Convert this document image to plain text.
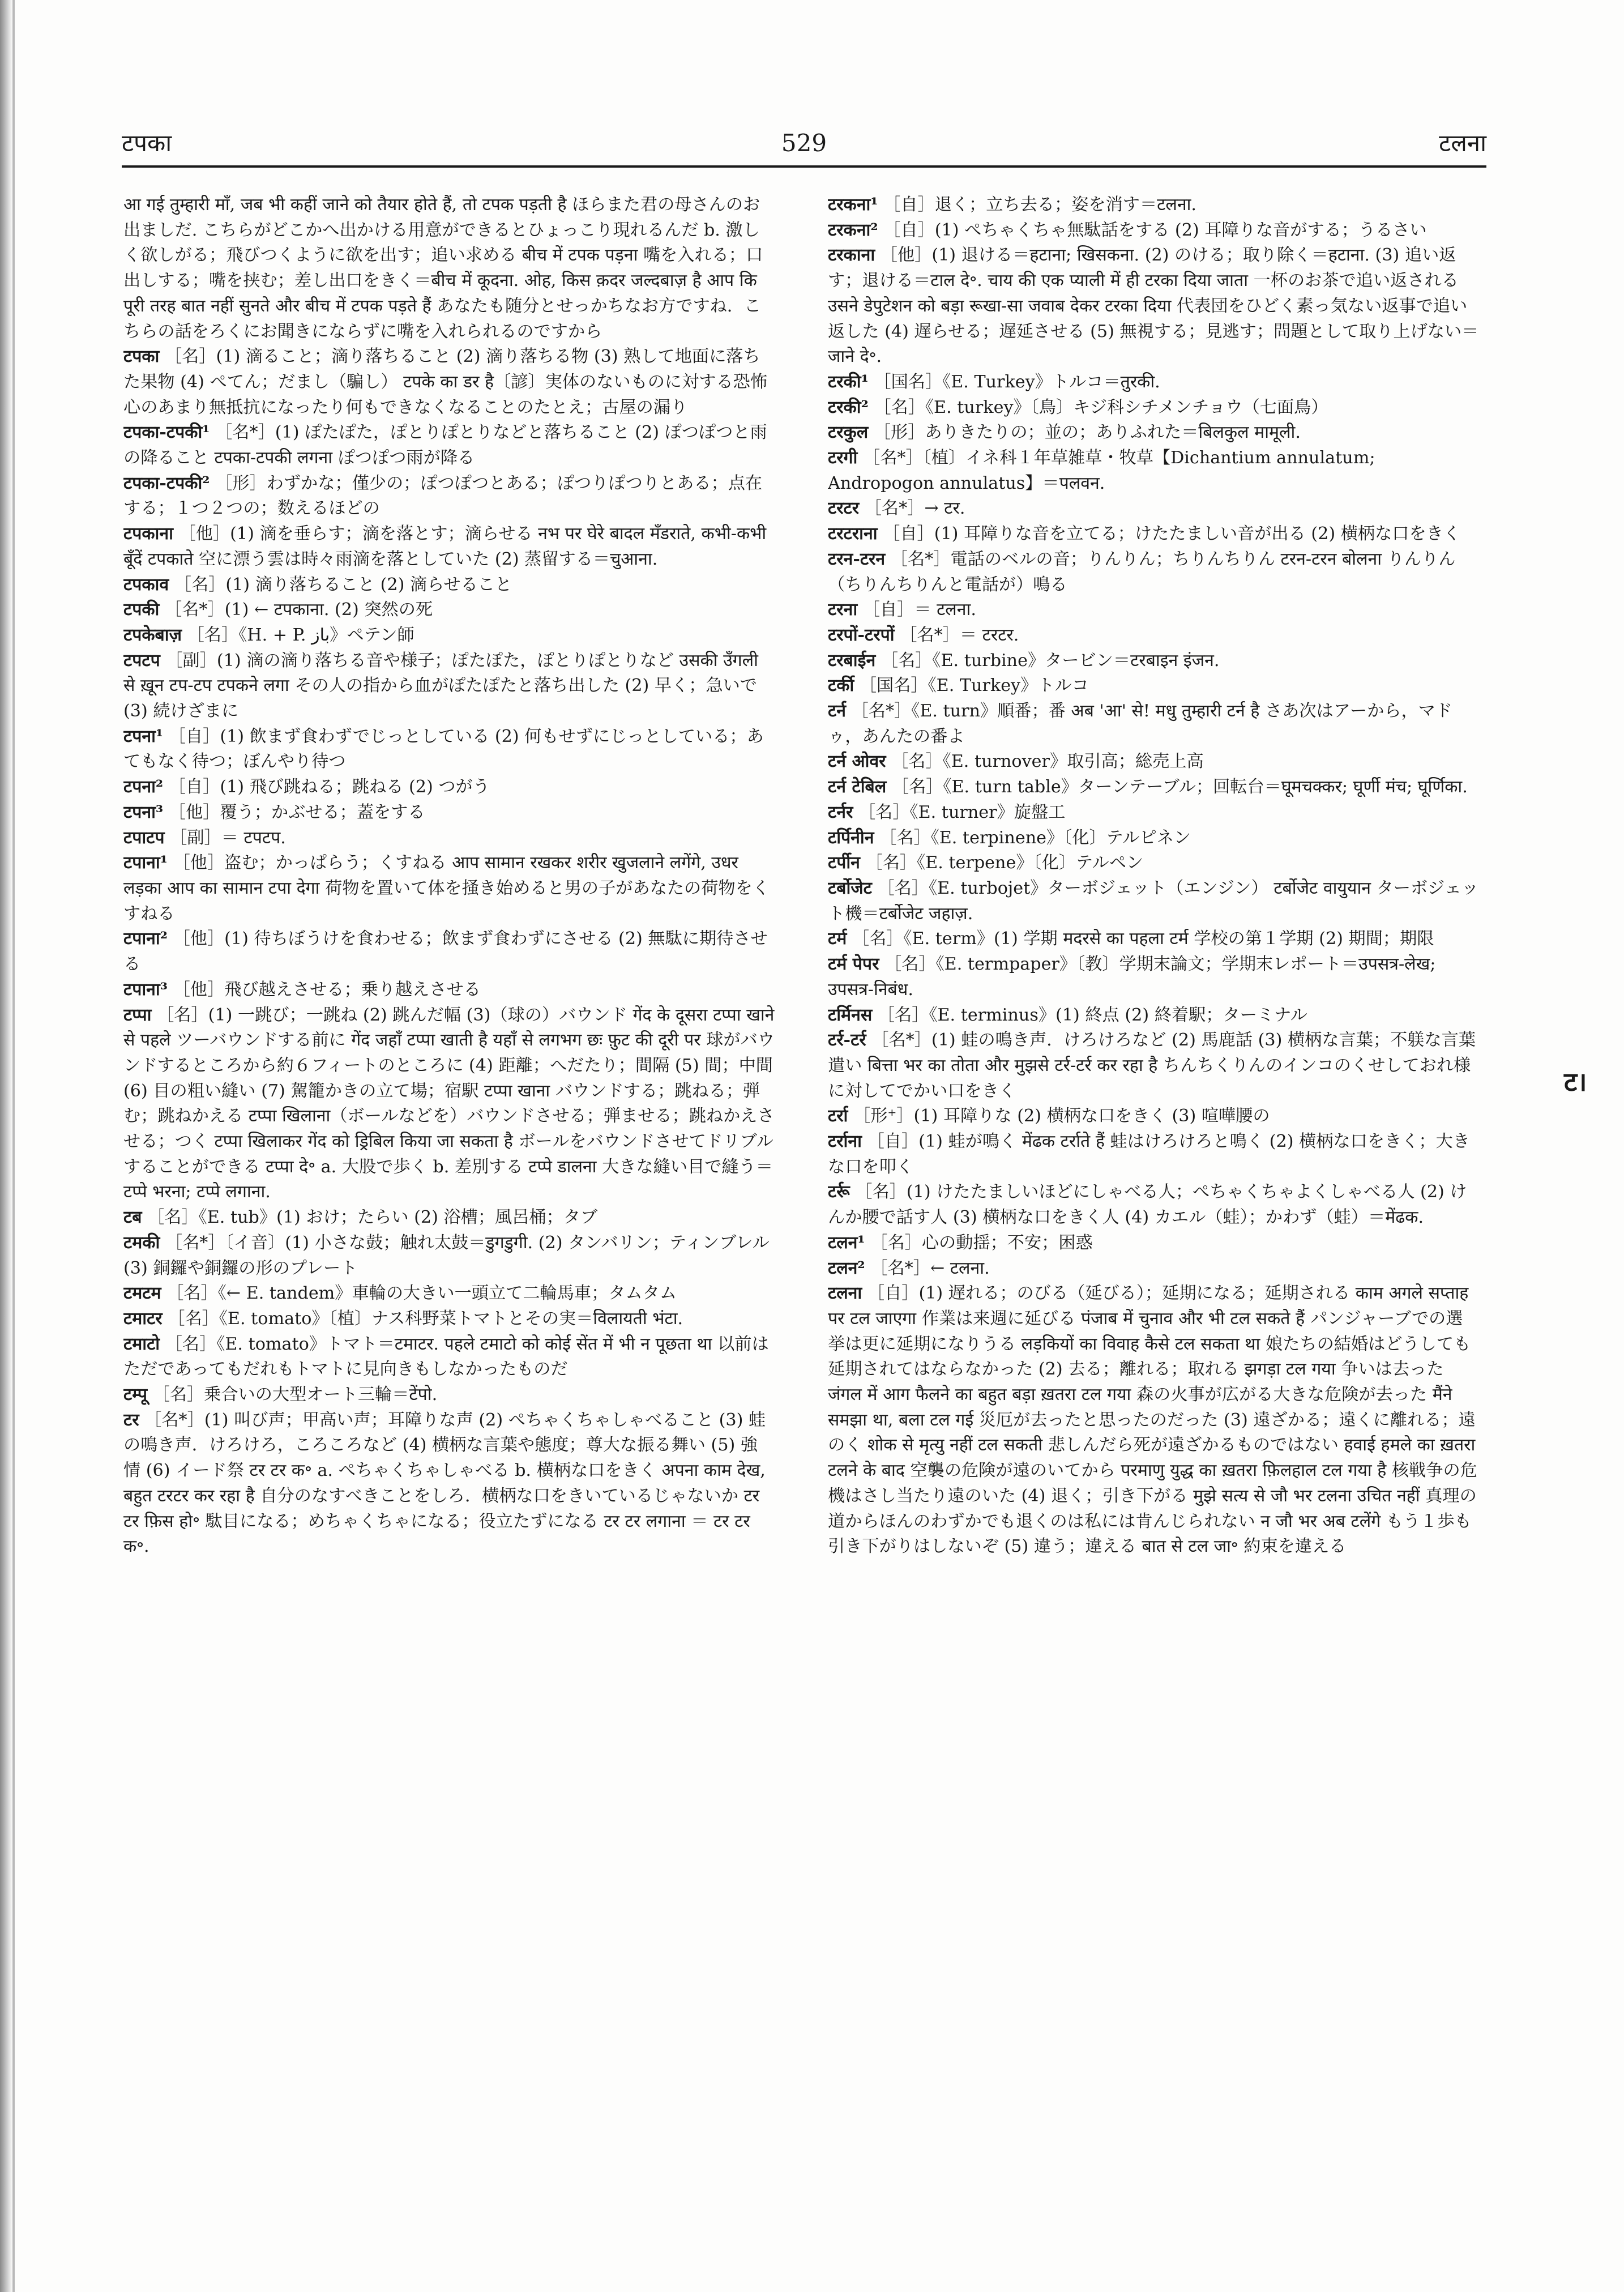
टपका	529	टलना

आ गई तुम्हारी माँ, जब भी कहीं जाने को तैयार होते हैं, तो टपक पड़ती है ほらまた君の母さんのお出ましだ. こちらがどこかへ出かける用意ができるとひょっこり現れるんだ b. 激しく欲しがる；飛びつくように欲を出す；追い求める बीच में टपक पड़ना 嘴を入れる；口出しする；嘴を挟む；差し出口をきく＝बीच में कूदना. ओह, किस क़दर जल्दबाज़ है आप कि पूरी तरह बात नहीं सुनते और बीच में टपक पड़ते हैं あなたも随分とせっかちなお方ですね．こちらの話をろくにお聞きにならずに嘴を入れられるのですから

टपका ［名］(1) 滴ること；滴り落ちること (2) 滴り落ちる物 (3) 熟して地面に落ちた果物 (4) ぺてん；だまし（騙し） टपके का डर है〔諺〕実体のないものに対する恐怖心のあまり無抵抗になったり何もできなくなることのたとえ；古屋の漏り

टपका-टपकी¹ ［名*］(1) ぽたぽた，ぽとりぽとりなどと落ちること (2) ぽつぽつと雨の降ること टपका-टपकी लगना ぽつぽつ雨が降る

टपका-टपकी² ［形］わずかな；僅少の；ぽつぽつとある；ぽつりぽつりとある；点在する；１つ２つの；数えるほどの

टपकाना ［他］(1) 滴を垂らす；滴を落とす；滴らせる नभ पर घेरे बादल मँडराते, कभी-कभी बूँदें टपकाते 空に漂う雲は時々雨滴を落としていた (2) 蒸留する＝चुआना.

टपकाव ［名］(1) 滴り落ちること (2) 滴らせること

टपकी ［名*］(1) ← टपकाना. (2) 突然の死

टपकेबाज़ ［名］《H. + P. باز》ペテン師

टपटप ［副］(1) 滴の滴り落ちる音や様子；ぽたぽた，ぽとりぽとりなど उसकी उँगली से ख़ून टप-टप टपकने लगा その人の指から血がぽたぽたと落ち出した (2) 早く；急いで (3) 続けざまに

टपना¹ ［自］(1) 飲まず食わずでじっとしている (2) 何もせずにじっとしている；あてもなく待つ；ぼんやり待つ

टपना² ［自］(1) 飛び跳ねる；跳ねる (2) つがう

टपना³ ［他］覆う；かぶせる；蓋をする

टपाटप ［副］＝ टपटप.

टपाना¹ ［他］盗む；かっぱらう；くすねる आप सामान रखकर शरीर खुजलाने लगेंगे, उधर लड़का आप का सामान टपा देगा 荷物を置いて体を掻き始めると男の子があなたの荷物をくすねる

टपाना² ［他］(1) 待ちぼうけを食わせる；飲まず食わずにさせる (2) 無駄に期待させる

टपाना³ ［他］飛び越えさせる；乗り越えさせる

टप्पा ［名］(1) 一跳び；一跳ね (2) 跳んだ幅 (3)（球の）バウンド गेंद के दूसरा टप्पा खाने से पहले ツーバウンドする前に गेंद जहाँ टप्पा खाती है यहाँ से लगभग छः फ़ुट की दूरी पर 球がバウンドするところから約６フィートのところに (4) 距離；へだたり；間隔 (5) 間；中間 (6) 目の粗い縫い (7) 駕籠かきの立て場；宿駅 टप्पा खाना バウンドする；跳ねる；弾む；跳ねかえる टप्पा खिलाना（ボールなどを）バウンドさせる；弾ませる；跳ねかえさせる；つく टप्पा खिलाकर गेंद को ड्रिबिल किया जा सकता है ボールをバウンドさせてドリブルすることができる टप्पा दे॰ a. 大股で歩く b. 差別する टप्पे डालना 大きな縫い目で縫う＝टप्पे भरना; टप्पे लगाना.

टब ［名］《E. tub》(1) おけ；たらい (2) 浴槽；風呂桶；タブ

टमकी ［名*］〔イ音〕(1) 小さな鼓；触れ太鼓＝डुगडुगी. (2) タンバリン；ティンブレル (3) 銅鑼や銅鑼の形のプレート

टमटम ［名］《← E. tandem》車輪の大きい一頭立て二輪馬車；タムタム

टमाटर ［名］《E. tomato》〔植〕ナス科野菜トマトとその実＝विलायती भंटा.

टमाटो ［名］《E. tomato》トマト＝टमाटर. पहले टमाटो को कोई सेंत में भी न पूछता था 以前はただであってもだれもトマトに見向きもしなかったものだ

टम्पू ［名］乗合いの大型オート三輪＝टेंपो.

टर ［名*］(1) 叫び声；甲高い声；耳障りな声 (2) ぺちゃくちゃしゃべること (3) 蛙の鳴き声．けろけろ，ころころなど (4) 横柄な言葉や態度；尊大な振る舞い (5) 強情 (6) イード祭 टर टर क॰ a. ぺちゃくちゃしゃべる b. 横柄な口をきく अपना काम देख, बहुत टरटर कर रहा है 自分のなすべきことをしろ．横柄な口をきいているじゃないか टर टर फ़िस हो॰ 駄目になる；めちゃくちゃになる；役立たずになる टर टर लगाना ＝ टर टर क॰.

टरकना¹ ［自］退く；立ち去る；姿を消す＝टलना.

टरकना² ［自］(1) ぺちゃくちゃ無駄話をする (2) 耳障りな音がする；うるさい

टरकाना ［他］(1) 退ける＝हटाना; खिसकना. (2) のける；取り除く＝हटाना. (3) 追い返す；退ける＝टाल दे॰. चाय की एक प्याली में ही टरका दिया जाता 一杯のお茶で追い返される उसने डेपुटेशन को बड़ा रूखा-सा जवाब देकर टरका दिया 代表団をひどく素っ気ない返事で追い返した (4) 遅らせる；遅延させる (5) 無視する；見逃す；問題として取り上げない＝जाने दे॰.

टरकी¹ ［国名］《E. Turkey》トルコ＝तुरकी.

टरकी² ［名］《E. turkey》〔鳥〕キジ科シチメンチョウ（七面鳥）

टरकुल ［形］ありきたりの；並の；ありふれた＝बिलकुल मामूली.

टरगी ［名*］〔植〕イネ科１年草雑草・牧草【Dichantium annulatum; Andropogon annulatus】＝पलवन.

टरटर ［名*］→ टर.

टरटराना ［自］(1) 耳障りな音を立てる；けたたましい音が出る (2) 横柄な口をきく

टरन-टरन ［名*］電話のベルの音；りんりん；ちりんちりん टरन-टरन बोलना りんりん（ちりんちりんと電話が）鳴る

टरना ［自］＝ टलना.

टरपों-टरपों ［名*］＝ टरटर.

टरबाईन ［名］《E. turbine》タービン＝टरबाइन इंजन.

टर्की ［国名］《E. Turkey》トルコ

टर्न ［名*］《E. turn》順番；番 अब 'आ' से! मधु तुम्हारी टर्न है さあ次はアーから，マドゥ，あんたの番よ

टर्न ओवर ［名］《E. turnover》取引高；総売上高

टर्न टेबिल ［名］《E. turn table》ターンテーブル；回転台＝घूमचक्कर; घूर्णी मंच; घूर्णिका.

टर्नर ［名］《E. turner》旋盤工

टर्पिनीन ［名］《E. terpinene》〔化〕テルピネン

टर्पीन ［名］《E. terpene》〔化〕テルペン

टर्बोजेट ［名］《E. turbojet》ターボジェット（エンジン） टर्बोजेट वायुयान ターボジェット機＝टर्बोजेट जहाज़.

टर्म ［名］《E. term》(1) 学期 मदरसे का पहला टर्म 学校の第１学期 (2) 期間；期限

टर्म पेपर ［名］《E. termpaper》〔教〕学期末論文；学期末レポート＝उपसत्र-लेख; उपसत्र-निबंध.

टर्मिनस ［名］《E. terminus》(1) 終点 (2) 終着駅；ターミナル

टर्र-टर्र ［名*］(1) 蛙の鳴き声．けろけろなど (2) 馬鹿話 (3) 横柄な言葉；不躾な言葉遣い बित्ता भर का तोता और मुझसे टर्र-टर्र कर रहा है ちんちくりんのインコのくせしておれ様に対してでかい口をきく

टर्रा ［形⁺］(1) 耳障りな (2) 横柄な口をきく (3) 喧嘩腰の

टर्राना ［自］(1) 蛙が鳴く मेंढक टर्राते हैं 蛙はけろけろと鳴く (2) 横柄な口をきく；大きな口を叩く

टर्रू ［名］(1) けたたましいほどにしゃべる人；ぺちゃくちゃよくしゃべる人 (2) けんか腰で話す人 (3) 横柄な口をきく人 (4) カエル（蛙）；かわず（蛙）＝मेंढक.

टलन¹ ［名］心の動揺；不安；困惑

टलन² ［名*］← टलना.

टलना ［自］(1) 遅れる；のびる（延びる）；延期になる；延期される काम अगले सप्ताह पर टल जाएगा 作業は来週に延びる पंजाब में चुनाव और भी टल सकते हैं パンジャーブでの選挙は更に延期になりうる लड़कियों का विवाह कैसे टल सकता था 娘たちの結婚はどうしても延期されてはならなかった (2) 去る；離れる；取れる झगड़ा टल गया 争いは去った जंगल में आग फैलने का बहुत बड़ा ख़तरा टल गया 森の火事が広がる大きな危険が去った मैंने समझा था, बला टल गई 災厄が去ったと思ったのだった (3) 遠ざかる；遠くに離れる；遠のく शोक से मृत्यु नहीं टल सकती 悲しんだら死が遠ざかるものではない हवाई हमले का ख़तरा टलने के बाद 空襲の危険が遠のいてから परमाणु युद्ध का ख़तरा फ़िलहाल टल गया है 核戦争の危機はさし当たり遠のいた (4) 退く；引き下がる मुझे सत्य से जौ भर टलना उचित नहीं 真理の道からほんのわずかでも退くのは私には肯んじられない न जौ भर अब टलेंगे もう１歩も引き下がりはしないぞ (5) 違う；違える बात से टल जा॰ 約束を違える

ट।
